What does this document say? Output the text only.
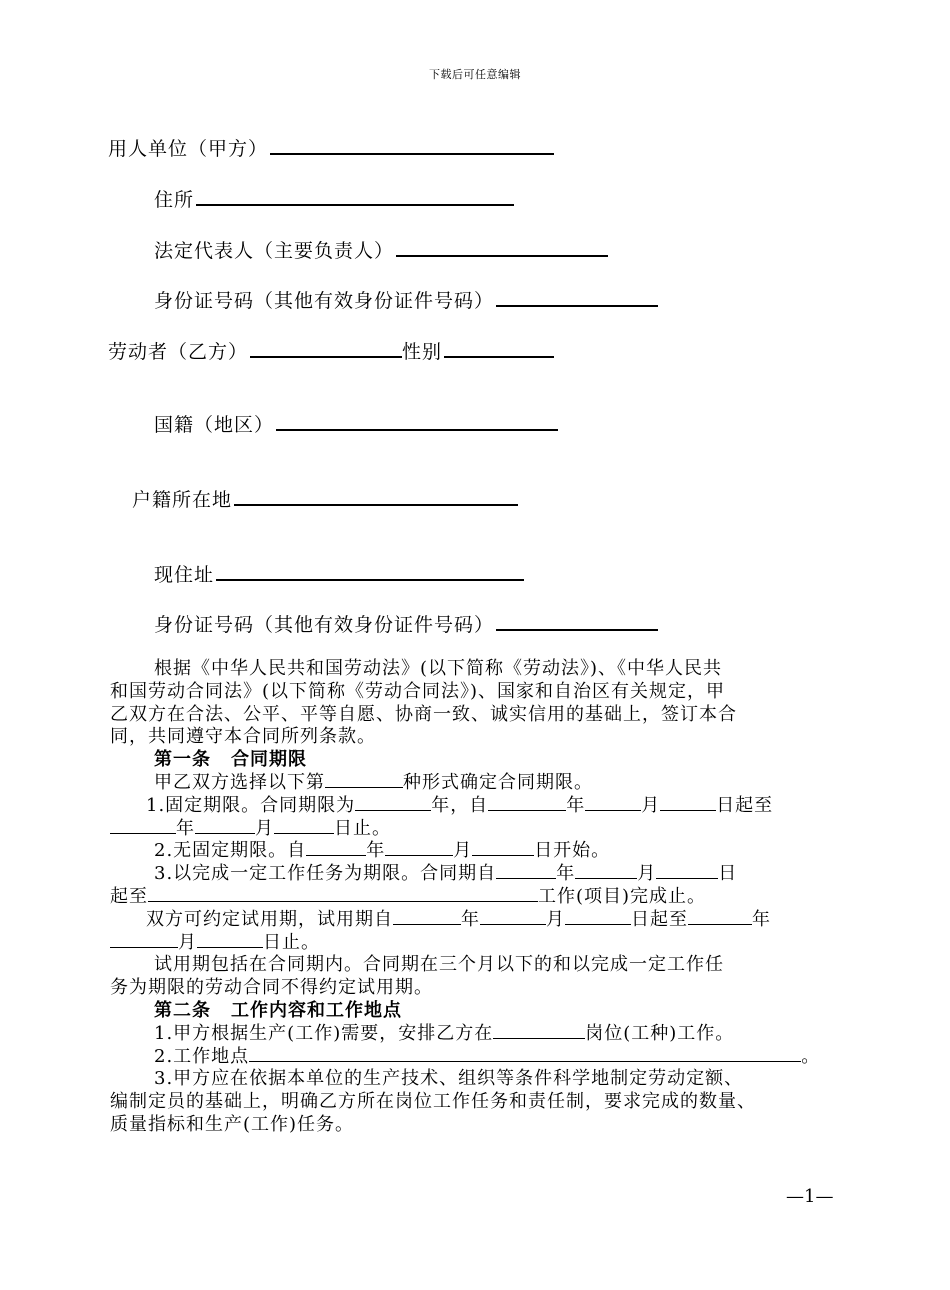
下载后可任意编辑
用人单位（甲方）
住所
法定代表人（主要负责人）
身份证号码（其他有效身份证件号码）
劳动者（乙方）	性别
国籍（地区）
户籍所在地
现住址
身份证号码（其他有效身份证件号码）
根据《中华人民共和国劳动法》(以下简称《劳动法》)、《中华人民共
和国劳动合同法》(以下简称《劳动合同法》)、国家和自治区有关规定，甲
乙双方在合法、公平、平等自愿、协商一致、诚实信用的基础上，签订本合
同，共同遵守本合同所列条款。
第一条 合同期限
甲乙双方选择以下第	种形式确定合同期限。
1.固定期限。合同期限为	年，自	年	月	日起至
年	月	日止。
2.无固定期限。自	年	月	日开始。
3.以完成一定工作任务为期限。合同期自	年	月	日
起至	工作(项目)完成止。
双方可约定试用期，试用期自	年	月	日起至	年
月	日止。
试用期包括在合同期内。合同期在三个月以下的和以完成一定工作任
务为期限的劳动合同不得约定试用期。
第二条 工作内容和工作地点
1.甲方根据生产(工作)需要，安排乙方在	岗位(工种)工作。
2.工作地点	。
3.甲方应在依据本单位的生产技术、组织等条件科学地制定劳动定额、
编制定员的基础上，明确乙方所在岗位工作任务和责任制，要求完成的数量、
质量指标和生产(工作)任务。
—1—
